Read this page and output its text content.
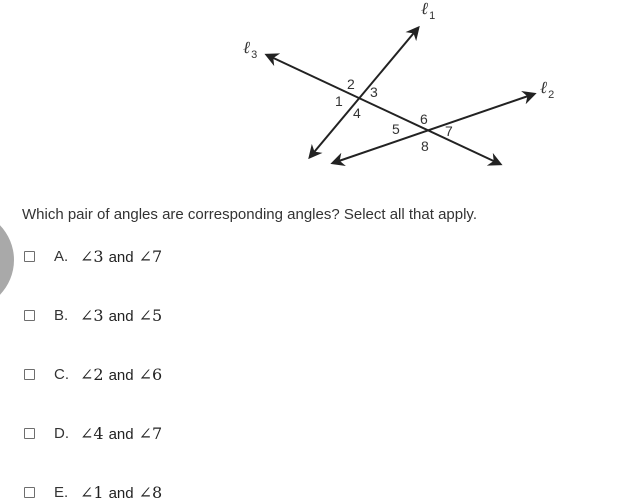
ℓ$_1$
ℓ$_3$
ℓ$_2$
1
2 3
4
5
6
7
8
Which pair of angles are corresponding angles? Select all that apply.
A. ∠3 and ∠7
B. ∠3 and ∠5
C. ∠2 and ∠6
D. ∠4 and ∠7
E. ∠1 and ∠8
